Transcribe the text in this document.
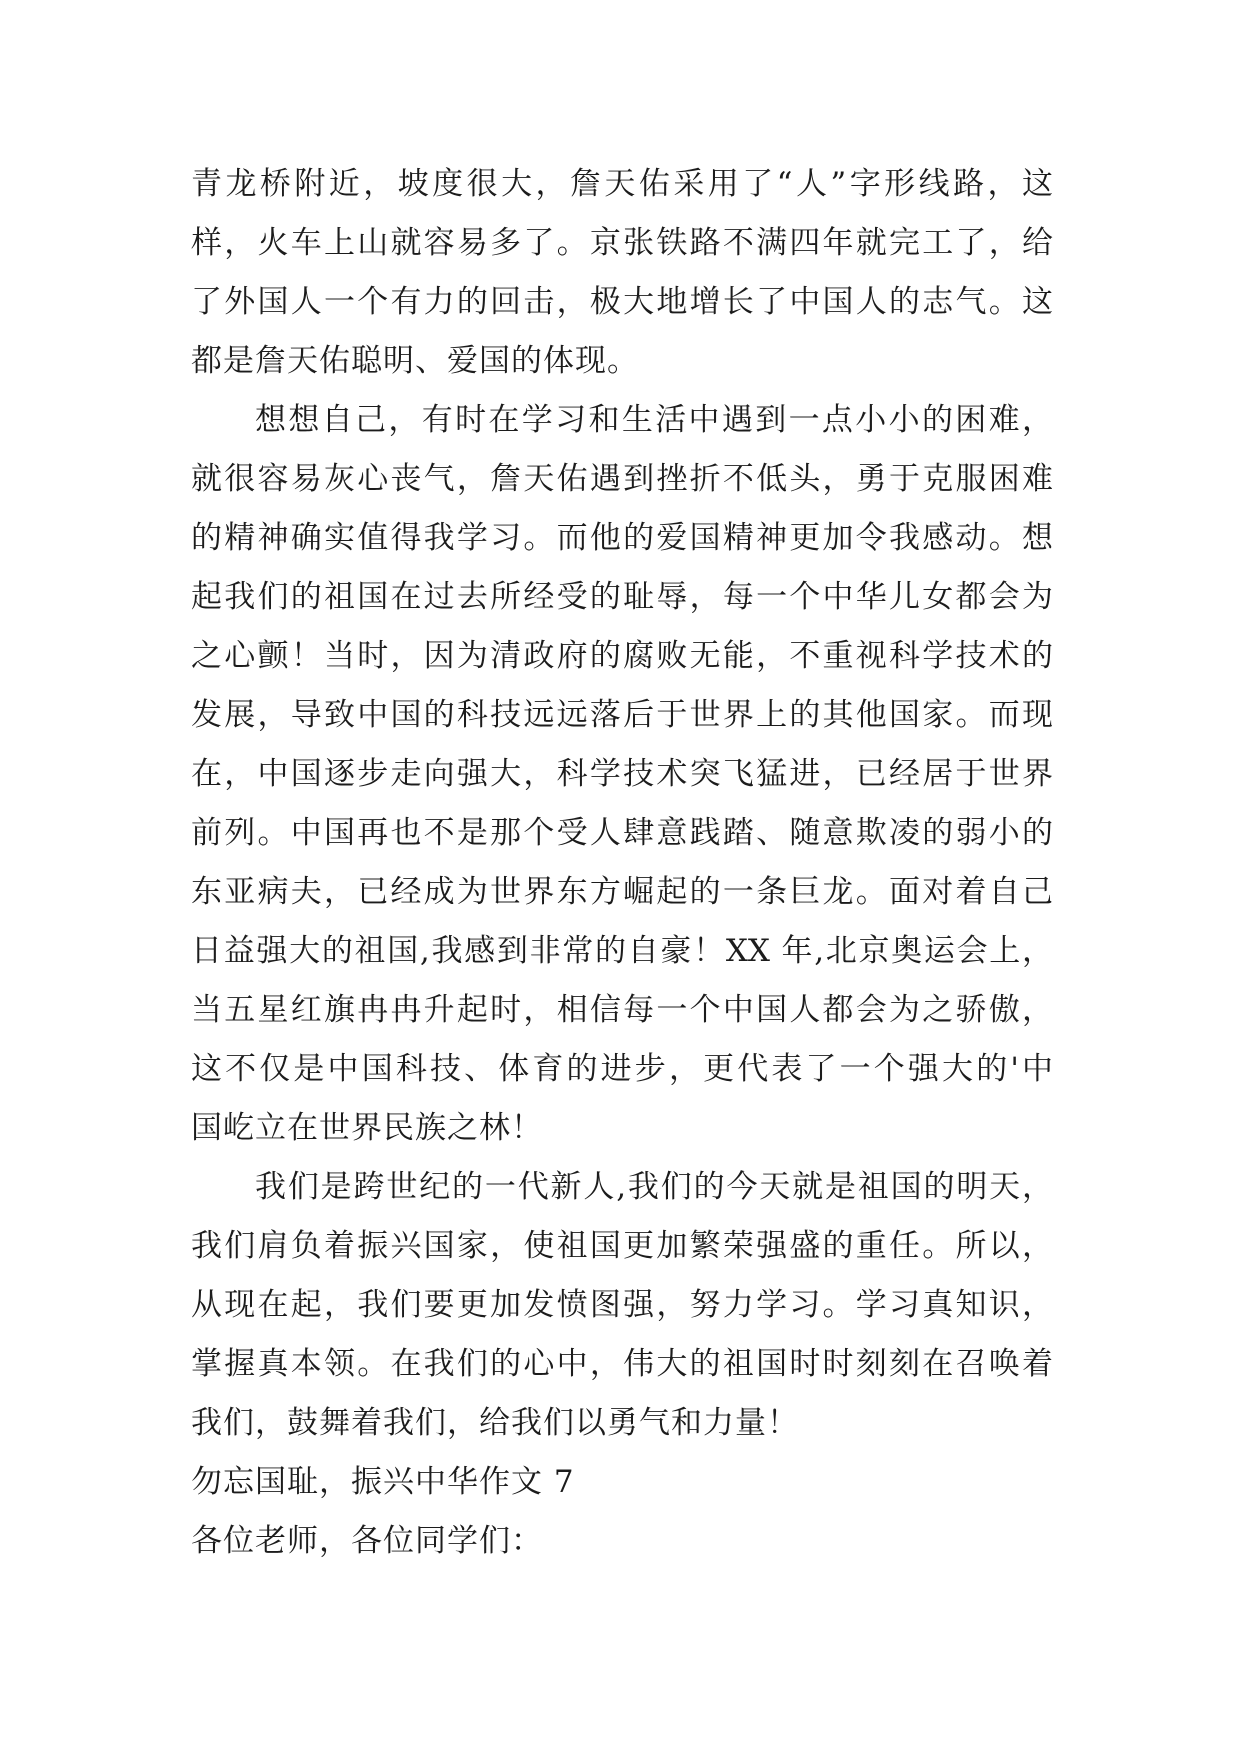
青龙桥附近，坡度很大，詹天佑采用了“人”字形线路，这
样，火车上山就容易多了。京张铁路不满四年就完工了，给
了外国人一个有力的回击，极大地增长了中国人的志气。这
都是詹天佑聪明、爱国的体现。
想想自己，有时在学习和生活中遇到一点小小的困难，
就很容易灰心丧气，詹天佑遇到挫折不低头，勇于克服困难
的精神确实值得我学习。而他的爱国精神更加令我感动。想
起我们的祖国在过去所经受的耻辱，每一个中华儿女都会为
之心颤！当时，因为清政府的腐败无能，不重视科学技术的
发展，导致中国的科技远远落后于世界上的其他国家。而现
在，中国逐步走向强大，科学技术突飞猛进，已经居于世界
前列。中国再也不是那个受人肆意践踏、随意欺凌的弱小的
东亚病夫，已经成为世界东方崛起的一条巨龙。面对着自己
日益强大的祖国,我感到非常的自豪！XX 年,北京奥运会上，
当五星红旗冉冉升起时，相信每一个中国人都会为之骄傲，
这不仅是中国科技、体育的进步，更代表了一个强大的'中
国屹立在世界民族之林！
我们是跨世纪的一代新人,我们的今天就是祖国的明天，
我们肩负着振兴国家，使祖国更加繁荣强盛的重任。所以，
从现在起，我们要更加发愤图强，努力学习。学习真知识，
掌握真本领。在我们的心中，伟大的祖国时时刻刻在召唤着
我们，鼓舞着我们，给我们以勇气和力量！
勿忘国耻，振兴中华作文 7
各位老师，各位同学们：
